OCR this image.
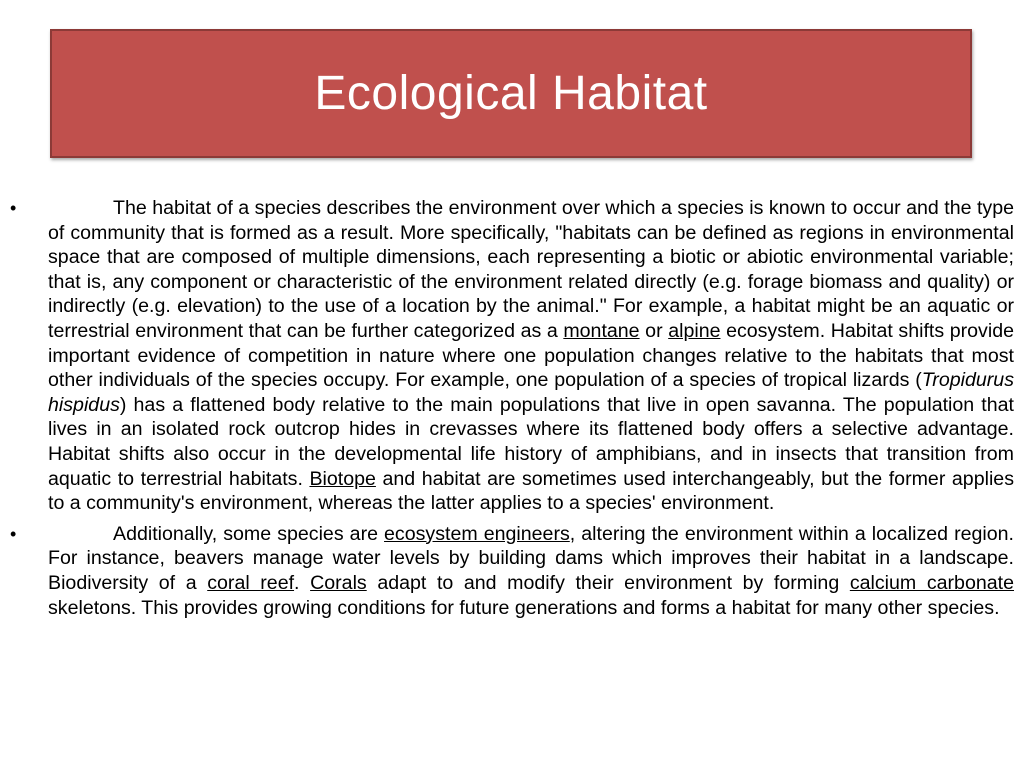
Ecological Habitat
•	The habitat of a species describes the environment over which a species is known to occur and the type of community that is formed as a result. More specifically, "habitats can be defined as regions in environmental space that are composed of multiple dimensions, each representing a biotic or abiotic environmental variable; that is, any component or characteristic of the environment related directly (e.g. forage biomass and quality) or indirectly (e.g. elevation) to the use of a location by the animal." For example, a habitat might be an aquatic or terrestrial environment that can be further categorized as a montane or alpine ecosystem. Habitat shifts provide important evidence of competition in nature where one population changes relative to the habitats that most other individuals of the species occupy. For example, one population of a species of tropical lizards (Tropidurus hispidus) has a flattened body relative to the main populations that live in open savanna. The population that lives in an isolated rock outcrop hides in crevasses where its flattened body offers a selective advantage. Habitat shifts also occur in the developmental life history of amphibians, and in insects that transition from aquatic to terrestrial habitats. Biotope and habitat are sometimes used interchangeably, but the former applies to a community's environment, whereas the latter applies to a species' environment.

•	Additionally, some species are ecosystem engineers, altering the environment within a localized region. For instance, beavers manage water levels by building dams which improves their habitat in a landscape. Biodiversity of a coral reef. Corals adapt to and modify their environment by forming calcium carbonate skeletons. This provides growing conditions for future generations and forms a habitat for many other species.
